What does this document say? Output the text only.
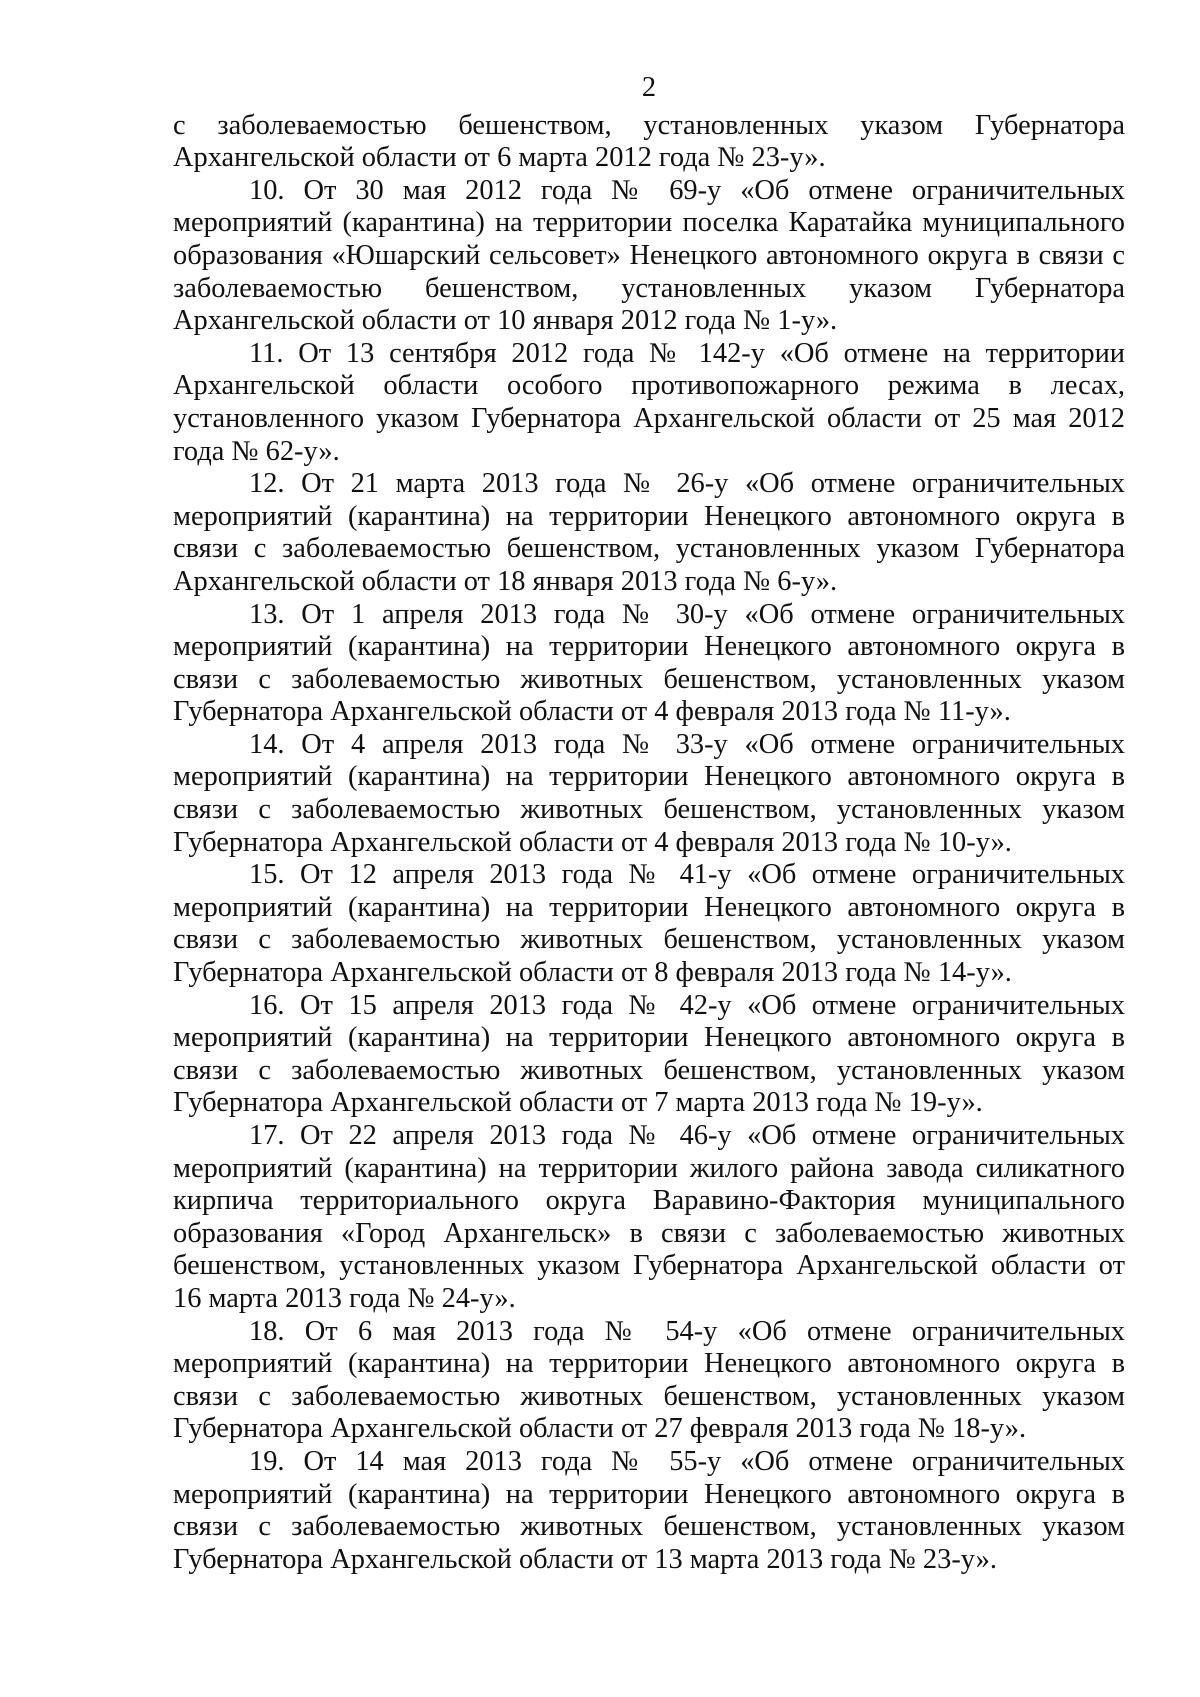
2

с заболеваемостью бешенством, установленных указом Губернатора Архангельской области от 6 марта 2012 года № 23-у».

10. От 30 мая 2012 года № 69-у «Об отмене ограничительных мероприятий (карантина) на территории поселка Каратайка муниципального образования «Юшарский сельсовет» Ненецкого автономного округа в связи с заболеваемостью бешенством, установленных указом Губернатора Архангельской области от 10 января 2012 года № 1-у».

11. От 13 сентября 2012 года № 142-у «Об отмене на территории Архангельской области особого противопожарного режима в лесах, установленного указом Губернатора Архангельской области от 25 мая 2012 года № 62-у».

12. От 21 марта 2013 года № 26-у «Об отмене ограничительных мероприятий (карантина) на территории Ненецкого автономного округа в связи с заболеваемостью бешенством, установленных указом Губернатора Архангельской области от 18 января 2013 года № 6-у».

13. От 1 апреля 2013 года № 30-у «Об отмене ограничительных мероприятий (карантина) на территории Ненецкого автономного округа в связи с заболеваемостью животных бешенством, установленных указом Губернатора Архангельской области от 4 февраля 2013 года № 11-у».

14. От 4 апреля 2013 года № 33-у «Об отмене ограничительных мероприятий (карантина) на территории Ненецкого автономного округа в связи с заболеваемостью животных бешенством, установленных указом Губернатора Архангельской области от 4 февраля 2013 года № 10-у».

15. От 12 апреля 2013 года № 41-у «Об отмене ограничительных мероприятий (карантина) на территории Ненецкого автономного округа в связи с заболеваемостью животных бешенством, установленных указом Губернатора Архангельской области от 8 февраля 2013 года № 14-у».

16. От 15 апреля 2013 года № 42-у «Об отмене ограничительных мероприятий (карантина) на территории Ненецкого автономного округа в связи с заболеваемостью животных бешенством, установленных указом Губернатора Архангельской области от 7 марта 2013 года № 19-у».

17. От 22 апреля 2013 года № 46-у «Об отмене ограничительных мероприятий (карантина) на территории жилого района завода силикатного кирпича территориального округа Варавино-Фактория муниципального образования «Город Архангельск» в связи с заболеваемостью животных бешенством, установленных указом Губернатора Архангельской области от 16 марта 2013 года № 24-у».

18. От 6 мая 2013 года № 54-у «Об отмене ограничительных мероприятий (карантина) на территории Ненецкого автономного округа в связи с заболеваемостью животных бешенством, установленных указом Губернатора Архангельской области от 27 февраля 2013 года № 18-у».

19. От 14 мая 2013 года № 55-у «Об отмене ограничительных мероприятий (карантина) на территории Ненецкого автономного округа в связи с заболеваемостью животных бешенством, установленных указом Губернатора Архангельской области от 13 марта 2013 года № 23-у».
